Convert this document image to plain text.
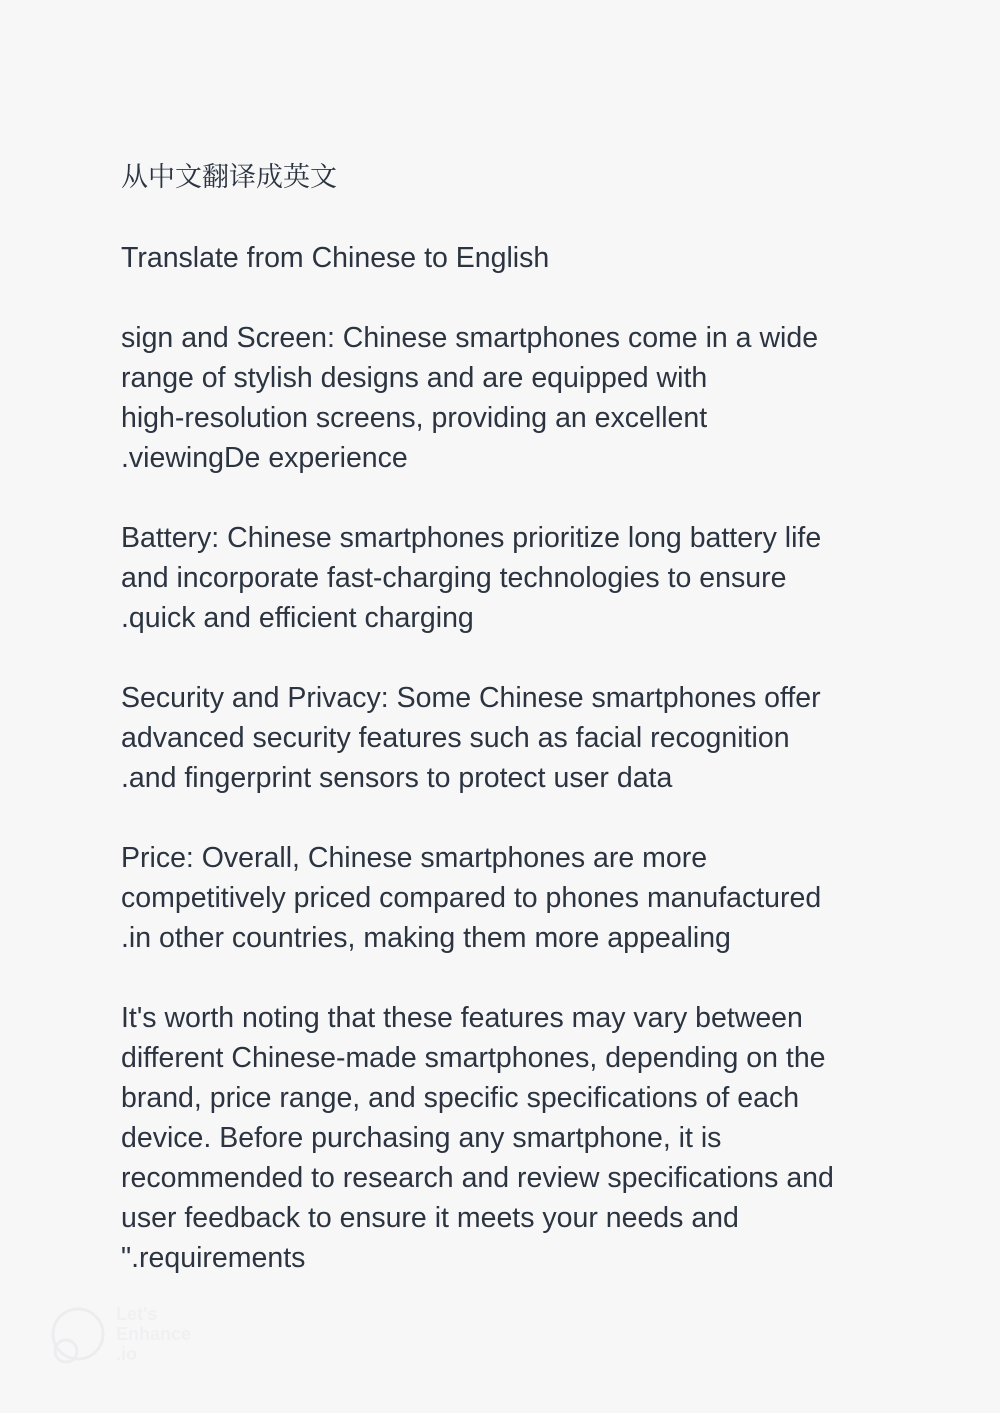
从中文翻译成英文

Translate from Chinese to English

sign and Screen: Chinese smartphones come in a wide

range of stylish designs and are equipped with

high-resolution screens, providing an excellent

.viewingDe experience

Battery: Chinese smartphones prioritize long battery life

and incorporate fast-charging technologies to ensure

.quick and efficient charging

Security and Privacy: Some Chinese smartphones offer

advanced security features such as facial recognition

.and fingerprint sensors to protect user data

Price: Overall, Chinese smartphones are more

competitively priced compared to phones manufactured

.in other countries, making them more appealing

It's worth noting that these features may vary between

different Chinese-made smartphones, depending on the

brand, price range, and specific specifications of each

device. Before purchasing any smartphone, it is

recommended to research and review specifications and

user feedback to ensure it meets your needs and

".requirements

Let's
Enhance
.io
